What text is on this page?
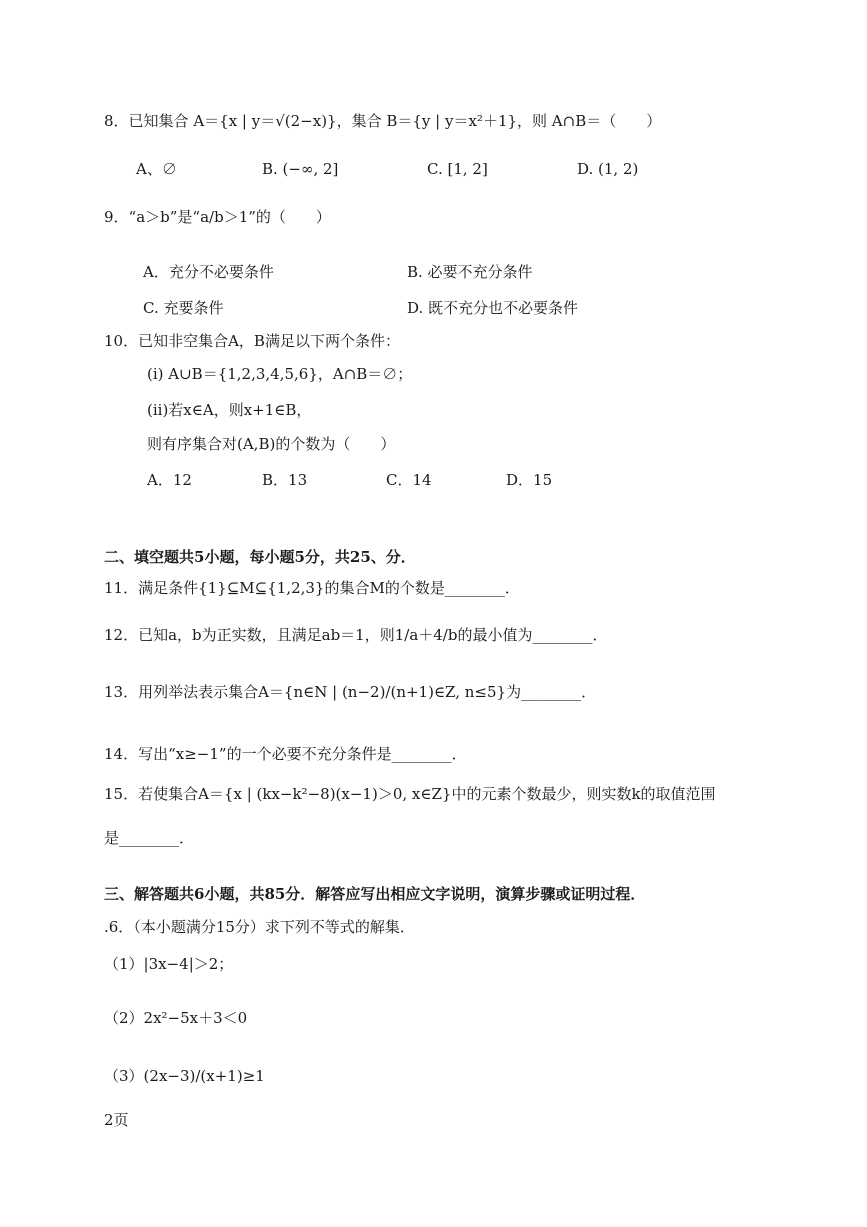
8．已知集合 A＝{x | y＝√(2−x)}，集合 B＝{y | y＝x²＋1}，则 A∩B＝（　　）
A、∅	B. (−∞, 2]	C. [1, 2]	D. (1, 2)
9．“a＞b”是“a/b＞1”的（　　）
A．充分不必要条件	B. 必要不充分条件
C. 充要条件	D. 既不充分也不必要条件
10．已知非空集合A，B满足以下两个条件：
(i) A∪B＝{1,2,3,4,5,6}，A∩B＝∅；
(ii)若x∈A，则x+1∈B，
则有序集合对(A,B)的个数为（　　）
A．12	B．13	C．14	D．15
二、填空题共5小题，每小题5分，共25、分．
11．满足条件{1}⊆M⊆{1,2,3}的集合M的个数是________．
12．已知a，b为正实数，且满足ab＝1，则1/a＋4/b的最小值为________．
13．用列举法表示集合A＝{n∈N | (n−2)/(n+1)∈Z, n≤5}为________．
14．写出“x≥−1”的一个必要不充分条件是________．
15．若使集合A＝{x | (kx−k²−8)(x−1)＞0, x∈Z}中的元素个数最少，则实数k的取值范围
是________．
三、解答题共6小题，共85分．解答应写出相应文字说明，演算步骤或证明过程．
.6．（本小题满分15分）求下列不等式的解集．
（1）|3x−4|＞2；
（2）2x²−5x＋3＜0
（3）(2x−3)/(x+1)≥1
2页
